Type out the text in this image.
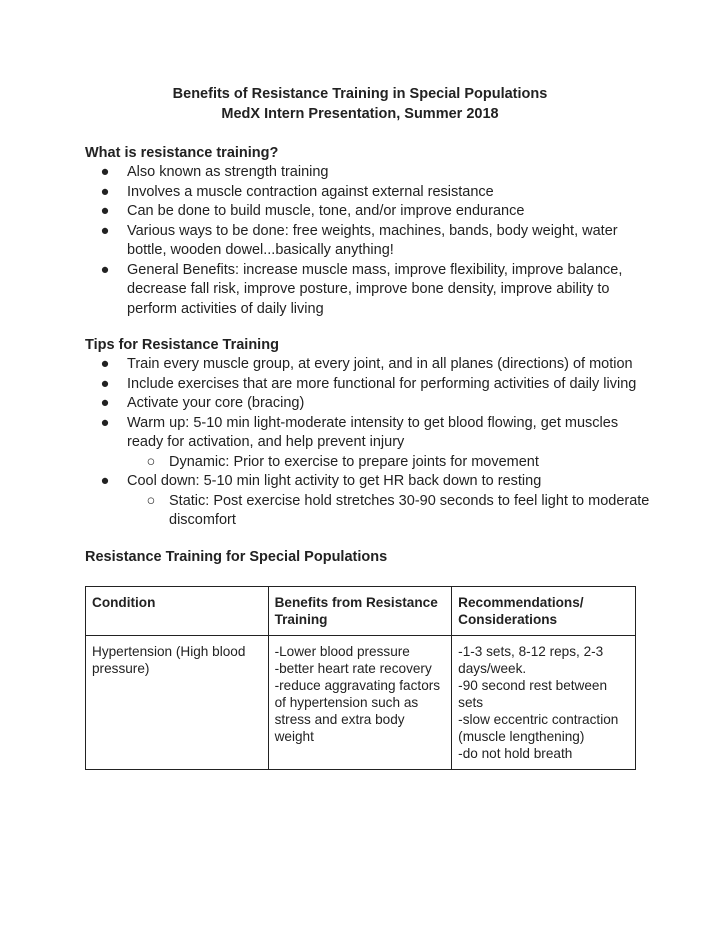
Benefits of Resistance Training in Special Populations
MedX Intern Presentation, Summer 2018
What is resistance training?
● Also known as strength training
● Involves a muscle contraction against external resistance
● Can be done to build muscle, tone, and/or improve endurance
● Various ways to be done: free weights, machines, bands, body weight, water bottle, wooden dowel...basically anything!
● General Benefits: increase muscle mass, improve flexibility, improve balance, decrease fall risk, improve posture, improve bone density, improve ability to perform activities of daily living
Tips for Resistance Training
● Train every muscle group, at every joint, and in all planes (directions) of motion
● Include exercises that are more functional for performing activities of daily living
● Activate your core (bracing)
● Warm up: 5-10 min light-moderate intensity to get blood flowing, get muscles ready for activation, and help prevent injury
○ Dynamic: Prior to exercise to prepare joints for movement
● Cool down: 5-10 min light activity to get HR back down to resting
○ Static: Post exercise hold stretches 30-90 seconds to feel light to moderate discomfort
Resistance Training for Special Populations
Condition	Benefits from Resistance Training	Recommendations/ Considerations
Hypertension (High blood pressure)	-Lower blood pressure
-better heart rate recovery
-reduce aggravating factors of hypertension such as stress and extra body weight	-1-3 sets, 8-12 reps, 2-3 days/week.
-90 second rest between sets
-slow eccentric contraction (muscle lengthening)
-do not hold breath
